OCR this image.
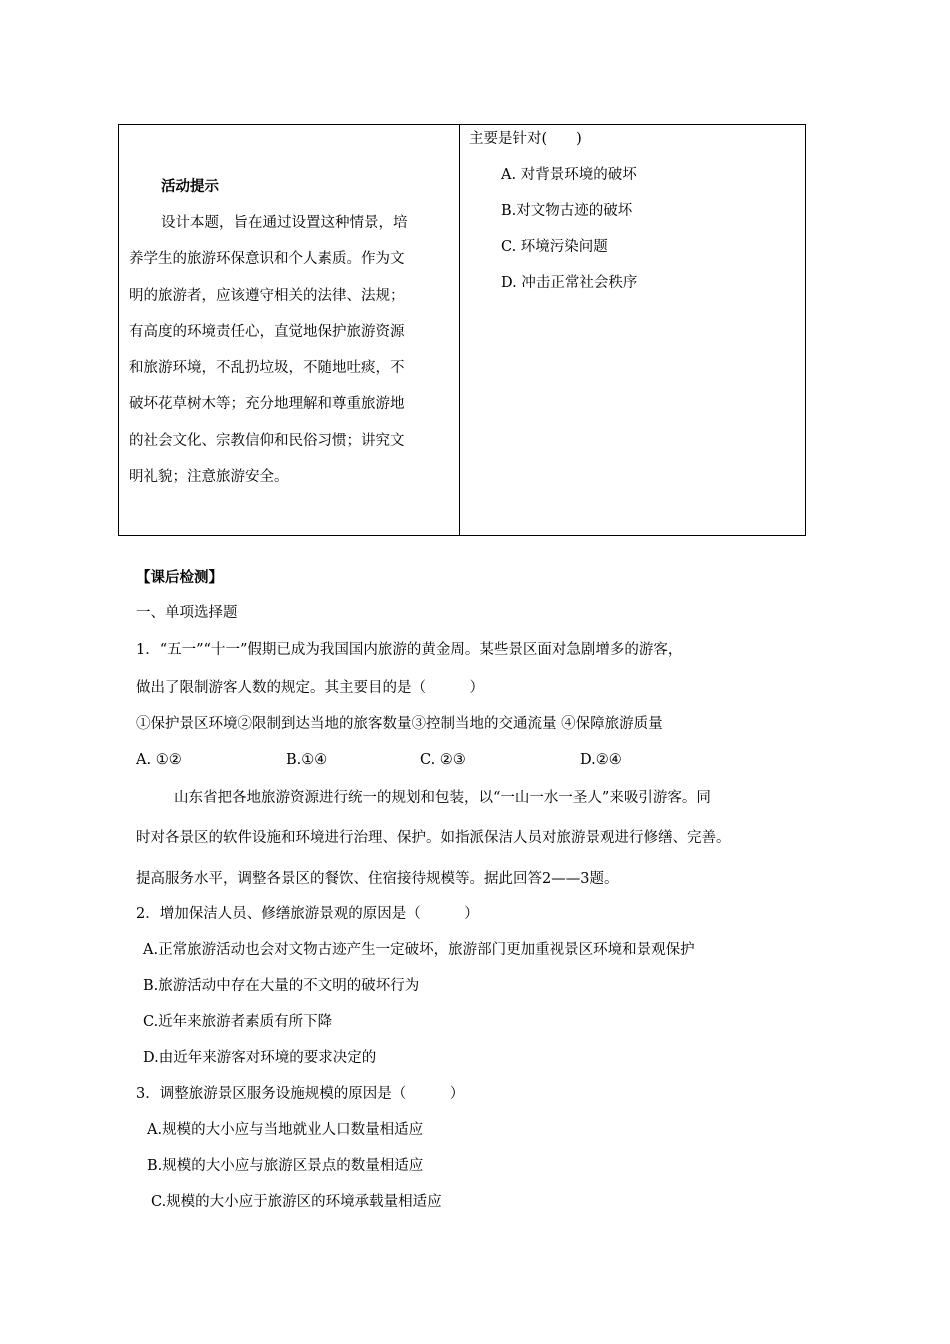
活动提示
设计本题，旨在通过设置这种情景，培
养学生的旅游环保意识和个人素质。作为文
明的旅游者，应该遵守相关的法律、法规；
有高度的环境责任心，直觉地保护旅游资源
和旅游环境，不乱扔垃圾，不随地吐痰，不
破坏花草树木等；充分地理解和尊重旅游地
的社会文化、宗教信仰和民俗习惯；讲究文
明礼貌；注意旅游安全。
主要是针对(　　)
A. 对背景环境的破坏
B.对文物古迹的破坏
C. 环境污染问题
D. 冲击正常社会秩序
【课后检测】
一、单项选择题
1．“五一”“十一”假期已成为我国国内旅游的黄金周。某些景区面对急剧增多的游客，
做出了限制游客人数的规定。其主要目的是（　　　）
①保护景区环境②限制到达当地的旅客数量③控制当地的交通流量 ④保障旅游质量
A. ①②	B.①④	C. ②③	D.②④
山东省把各地旅游资源进行统一的规划和包装，以“一山一水一圣人”来吸引游客。同
时对各景区的软件设施和环境进行治理、保护。如指派保洁人员对旅游景观进行修缮、完善。
提高服务水平，调整各景区的餐饮、住宿接待规模等。据此回答2——3题。
2．增加保洁人员、修缮旅游景观的原因是（　　　）
A.正常旅游活动也会对文物古迹产生一定破坏，旅游部门更加重视景区环境和景观保护
B.旅游活动中存在大量的不文明的破坏行为
C.近年来旅游者素质有所下降
D.由近年来游客对环境的要求决定的
3．调整旅游景区服务设施规模的原因是（　　　）
A.规模的大小应与当地就业人口数量相适应
B.规模的大小应与旅游区景点的数量相适应
C.规模的大小应于旅游区的环境承载量相适应
